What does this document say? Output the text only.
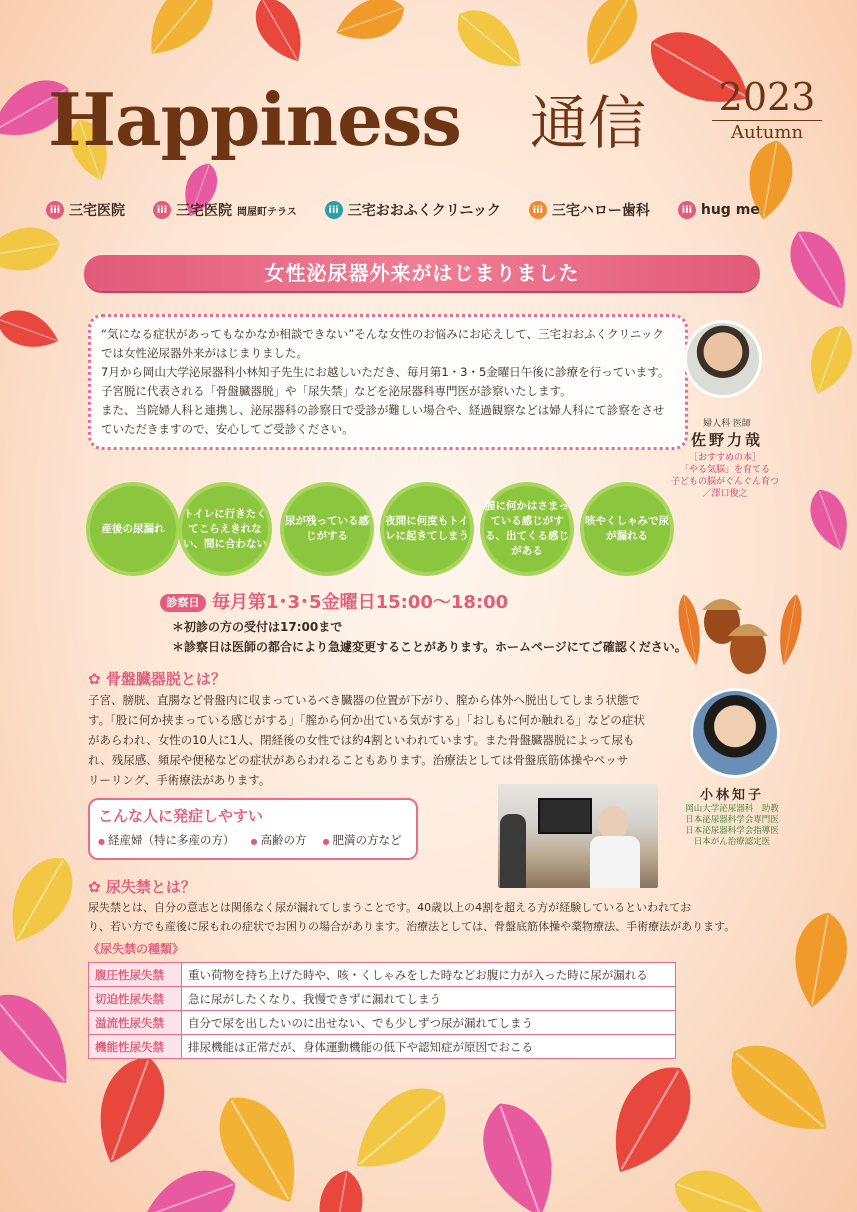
Happiness 通信 2023
Autumn
iii 三宅医院	iii 三宅医院 岡屋町テラス	iii 三宅おおふくクリニック	iii 三宅ハロー歯科	iii hug me
女性泌尿器外来がはじまりました

“気になる症状があってもなかなか相談できない”そんな女性のお悩みにお応えして、三宅おおふくクリニックでは女性泌尿器外来がはじまりました。

7月から岡山大学泌尿器科小林知子先生にお越しいただき、毎月第1・3・5金曜日午後に診療を行っています。

子宮脱に代表される「骨盤臓器脱」や「尿失禁」などを泌尿器科専門医が診察いたします。

また、当院婦人科と連携し、泌尿器科の診察日で受診が難しい場合や、経過観察などは婦人科にて診察をさせていただきますので、安心してご受診ください。	婦人科 医師
佐野力哉
［おすすめの本］
「やる気脳」を育てる
子どもの脳がぐんぐん育つ
／澤口俊之
産後の尿漏れ
トイレに行きたくてこらえきれない、間に合わない
尿が残っている感じがする
夜間に何度もトイレに起きてしまう
膣に何かはさまっている感じがする、出てくる感じがある
咳やくしゃみで尿が漏れる
診察日 毎月第1･3･5金曜日15:00〜18:00
＊初診の方の受付は17:00まで
＊診察日は医師の都合により急遽変更することがあります。ホームページにてご確認ください。
✿ 骨盤臓器脱とは？
子宮、膀胱、直腸など骨盤内に収まっているべき臓器の位置が下がり、膣から体外へ脱出してしまう状態で
す。「股に何か挟まっている感じがする」「膣から何か出ている気がする」「おしもに何か触れる」などの症状
があらわれ、女性の10人に1人、閉経後の女性では約4割といわれています。また骨盤臓器脱によって尿も
れ、残尿感、頻尿や便秘などの症状があらわれることもあります。治療法としては骨盤底筋体操やペッサ
リーリング、手術療法があります。
小林知子
岡山大学泌尿器科　助教
日本泌尿器科学会専門医
日本泌尿器科学会指導医
日本がん治療認定医
こんな人に発症しやすい
● 経産婦（特に多産の方）	● 高齢の方	● 肥満の方など
✿ 尿失禁とは？
尿失禁とは、自分の意志とは関係なく尿が漏れてしまうことです。40歳以上の4割を超える方が経験しているといわれてお
り、若い方でも産後に尿もれの症状でお困りの場合があります。治療法としては、骨盤底筋体操や薬物療法、手術療法があります。
《尿失禁の種類》
腹圧性尿失禁	重い荷物を持ち上げた時や、咳・くしゃみをした時などお腹に力が入った時に尿が漏れる
切迫性尿失禁	急に尿がしたくなり、我慢できずに漏れてしまう
溢流性尿失禁	自分で尿を出したいのに出せない、でも少しずつ尿が漏れてしまう
機能性尿失禁	排尿機能は正常だが、身体運動機能の低下や認知症が原因でおこる
